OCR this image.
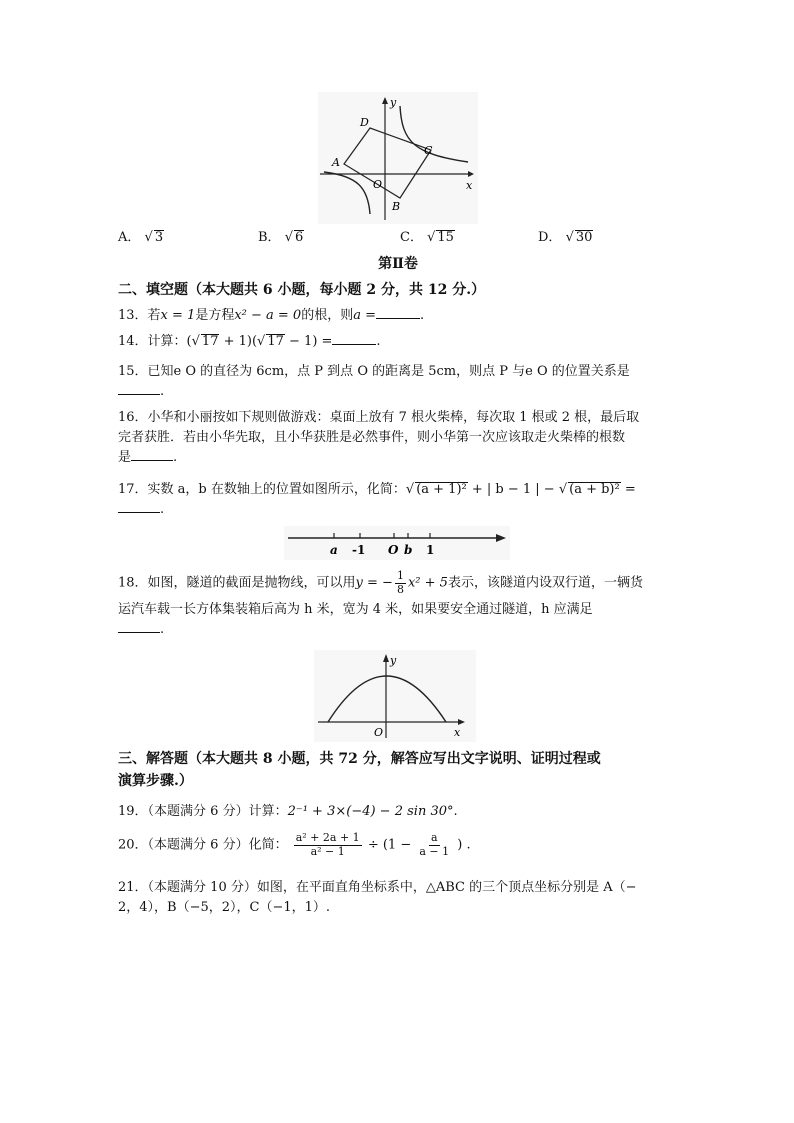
y
x
D
A
C
O
B
A． √ 3	B． √ 6	C． √ 15	D． √ 30
第Ⅱ卷
二、填空题（本大题共 6 小题，每小题 2 分，共 12 分.）
13．若x = 1是方程x² − a = 0的根，则a =	.
14．计算：(√ 17 + 1)(√ 17 − 1) =	.
15．已知e O 的直径为 6cm，点 P 到点 O 的距离是 5cm，则点 P 与e O 的位置关系是
.
16．小华和小丽按如下规则做游戏：桌面上放有 7 根火柴棒，每次取 1 根或 2 根，最后取
完者获胜．若由小华先取，且小华获胜是必然事件，则小华第一次应该取走火柴棒的根数
是	.
17．实数 a，b 在数轴上的位置如图所示，化简：√ (a + 1)² + | b − 1 | − √ (a + b)² =
.
a -1 O b 1
18．如图，隧道的截面是抛物线，可以用y = − $\frac{1}{8} x^2 + 5$表示，该隧道内设双行道，一辆货
运汽车载一长方体集装箱后高为 h 米，宽为 4 米，如果要安全通过隧道，h 应满足
.
y
O	x
三、解答题（本大题共 8 小题，共 72 分，解答应写出文字说明、证明过程或
演算步骤.）
19．（本题满分 6 分）计算：2⁻¹ + 3×(−4) − 2 sin 30°.
20．（本题满分 6 分）化简： $\frac{\text{a² + 2a + 1}}{\text{a² − 1}} \div (1 - \frac{a}{a - 1}$ ) .
21．（本题满分 10 分）如图，在平面直角坐标系中，△ABC 的三个顶点坐标分别是 A（−
2，4），B（−5，2），C（−1，1）.
